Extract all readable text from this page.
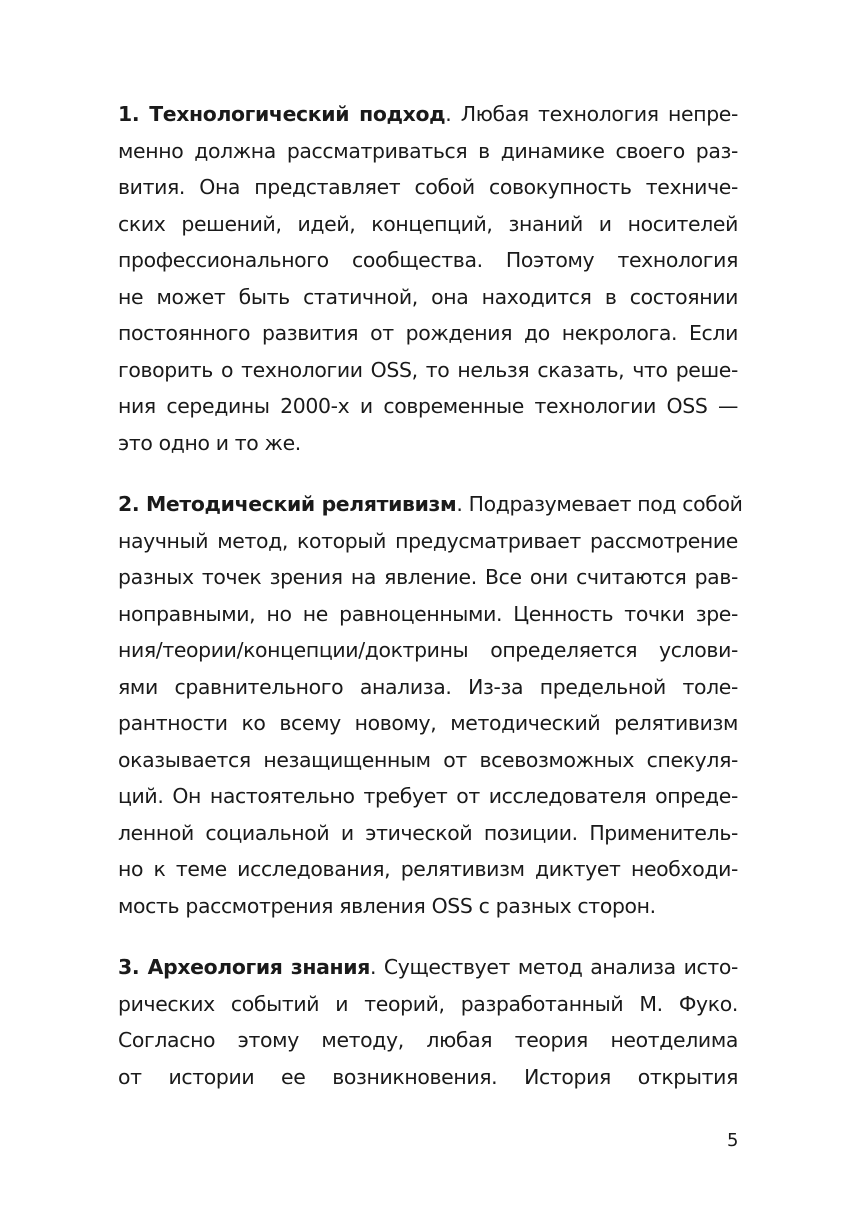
1. Технологический подход. Любая технология непре-
менно должна рассматриваться в динамике своего раз-
вития. Она представляет собой совокупность техниче-
ских решений, идей, концепций, знаний и носителей
профессионального сообщества. Поэтому технология
не может быть статичной, она находится в состоянии
постоянного развития от рождения до некролога. Если
говорить о технологии OSS, то нельзя сказать, что реше-
ния середины 2000-х и современные технологии OSS —
это одно и то же.
2. Методический релятивизм. Подразумевает под собой
научный метод, который предусматривает рассмотрение
разных точек зрения на явление. Все они считаются рав-
ноправными, но не равноценными. Ценность точки зре-
ния/теории/концепции/доктрины определяется услови-
ями сравнительного анализа. Из-за предельной толе-
рантности ко всему новому, методический релятивизм
оказывается незащищенным от всевозможных спекуля-
ций. Он настоятельно требует от исследователя опреде-
ленной социальной и этической позиции. Применитель-
но к теме исследования, релятивизм диктует необходи-
мость рассмотрения явления OSS с разных сторон.
3. Археология знания. Существует метод анализа исто-
рических событий и теорий, разработанный М. Фуко.
Согласно этому методу, любая теория неотделима
от истории ее возникновения. История открытия
5
